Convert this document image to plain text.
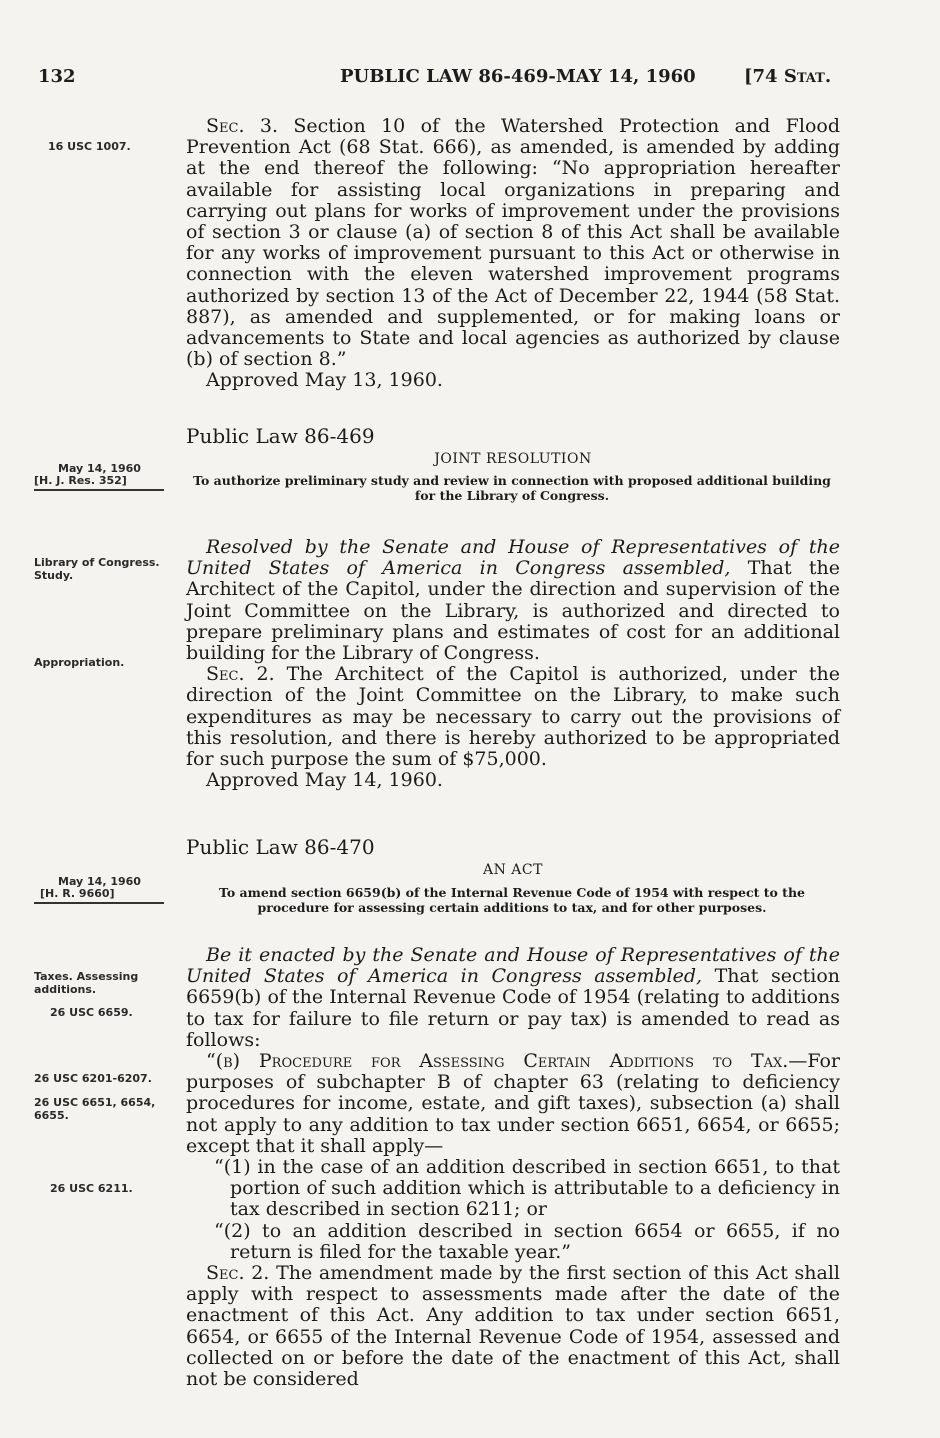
132	PUBLIC LAW 86-469-MAY 14, 1960	[74 Stat.
16 USC 1007.

Sec. 3. Section 10 of the Watershed Protection and Flood Prevention Act (68 Stat. 666), as amended, is amended by adding at the end thereof the following: “No appropriation hereafter available for assisting local organizations in preparing and carrying out plans for works of improvement under the provisions of section 3 or clause (a) of section 8 of this Act shall be available for any works of improvement pursuant to this Act or otherwise in connection with the eleven watershed improvement programs authorized by section 13 of the Act of December 22, 1944 (58 Stat. 887), as amended and supplemented, or for making loans or advancements to State and local agencies as authorized by clause (b) of section 8.”

Approved May 13, 1960.

Public Law 86-469
JOINT RESOLUTION
May 14, 1960
[H. J. Res. 352]	To authorize preliminary study and review in connection with proposed additional building for the Library of Congress.
Library of Congress. Study.
Appropriation.

Resolved by the Senate and House of Representatives of the United States of America in Congress assembled, That the Architect of the Capitol, under the direction and supervision of the Joint Committee on the Library, is authorized and directed to prepare preliminary plans and estimates of cost for an additional building for the Library of Congress.

Sec. 2. The Architect of the Capitol is authorized, under the direction of the Joint Committee on the Library, to make such expenditures as may be necessary to carry out the provisions of this resolution, and there is hereby authorized to be appropriated for such purpose the sum of $75,000.

Approved May 14, 1960.

Public Law 86-470
AN ACT
May 14, 1960
[H. R. 9660]	To amend section 6659(b) of the Internal Revenue Code of 1954 with respect to the procedure for assessing certain additions to tax, and for other purposes.
Taxes. Assessing additions.
26 USC 6659.
26 USC 6201-6207.
26 USC 6651, 6654, 6655.
26 USC 6211.

Be it enacted by the Senate and House of Representatives of the United States of America in Congress assembled, That section 6659(b) of the Internal Revenue Code of 1954 (relating to additions to tax for failure to file return or pay tax) is amended to read as follows:

“(b) Procedure for Assessing Certain Additions to Tax.—For purposes of subchapter B of chapter 63 (relating to deficiency procedures for income, estate, and gift taxes), subsection (a) shall not apply to any addition to tax under section 6651, 6654, or 6655; except that it shall apply—

“(1) in the case of an addition described in section 6651, to that portion of such addition which is attributable to a deficiency in tax described in section 6211; or

“(2) to an addition described in section 6654 or 6655, if no return is filed for the taxable year.”

Sec. 2. The amendment made by the first section of this Act shall apply with respect to assessments made after the date of the enactment of this Act. Any addition to tax under section 6651, 6654, or 6655 of the Internal Revenue Code of 1954, assessed and collected on or before the date of the enactment of this Act, shall not be considered
